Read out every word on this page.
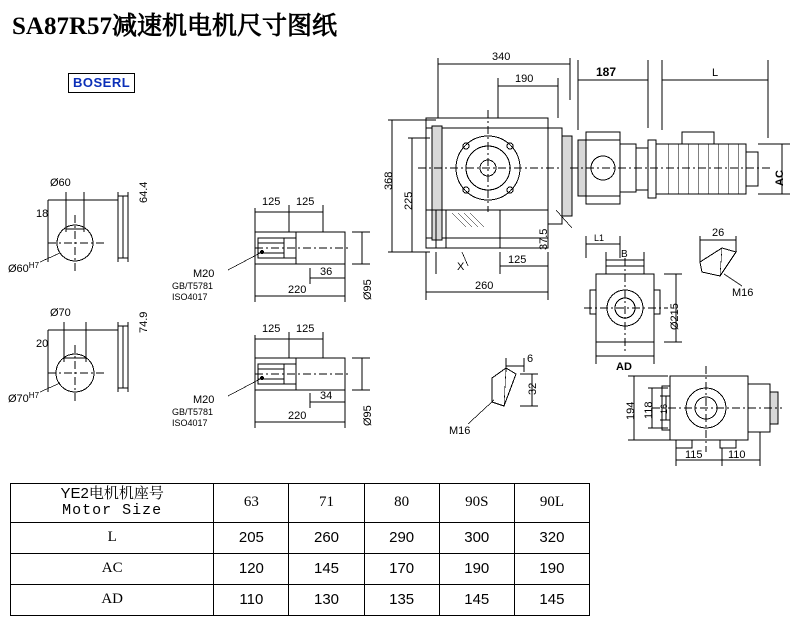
SA87R57减速机电机尺寸图纸
BOSERL
Ø60
18
64.4
$Ø60^{H7}$
Ø70
20
74.9
$Ø70^{H7}$
125 125
36
220	Ø95
M20
GB/T5781
ISO4017
125 125
34
220	Ø95
M20
GB/T5781
ISO4017
340
190	187	L
368
225
260
125
X
37.5
AC
L1
B
Ø215
AD
26
M16
6
32
M16
194 118 16
115 110
YE2电机机座号
Motor Size	63	71	80	90S	90L
L	205	260	290	300	320
AC	120	145	170	190	190
AD	110	130	135	145	145
